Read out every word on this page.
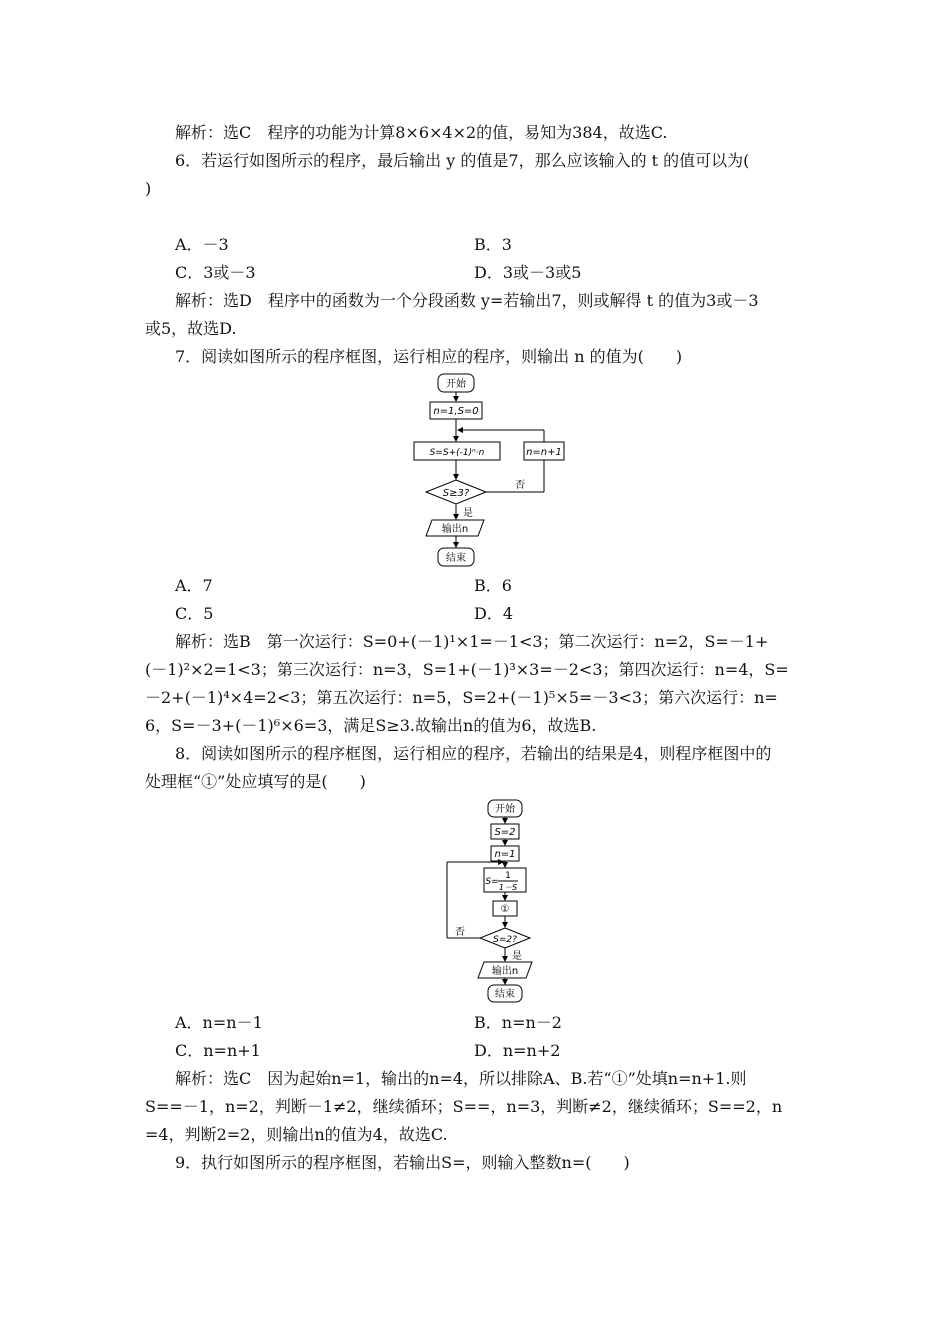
解析：选C　程序的功能为计算8×6×4×2的值，易知为384，故选C.
6．若运行如图所示的程序，最后输出 y 的值是7，那么应该输入的 t 的值可以为(
)
A．－3	B．3
C．3或－3	D．3或－3或5
解析：选D　程序中的函数为一个分段函数 y=若输出7，则或解得 t 的值为3或－3
或5，故选D.
7．阅读如图所示的程序框图，运行相应的程序，则输出 n 的值为(　　)
开始
n=1,S=0
S=S+(-1)ⁿ·n	n=n+1
S≥3?
否
是
输出n
结束
A．7	B．6
C．5	D．4
解析：选B　第一次运行：S=0+(－1)¹×1=－1<3；第二次运行：n=2，S=－1+
(－1)²×2=1<3；第三次运行：n=3，S=1+(－1)³×3=－2<3；第四次运行：n=4，S=
－2+(－1)⁴×4=2<3；第五次运行：n=5，S=2+(－1)⁵×5=－3<3；第六次运行：n=
6，S=－3+(－1)⁶×6=3，满足S≥3.故输出n的值为6，故选B.
8．阅读如图所示的程序框图，运行相应的程序，若输出的结果是4，则程序框图中的
处理框“①”处应填写的是(　　)
开始
S=2
n=1
S=
1
1－S
①
S=2?
否
是
输出n
结束
A．n=n－1	B．n=n－2
C．n=n+1	D．n=n+2
解析：选C　因为起始n=1，输出的n=4，所以排除A、B.若“①”处填n=n+1.则
S==－1，n=2，判断－1≠2，继续循环；S==，n=3，判断≠2，继续循环；S==2，n
=4，判断2=2，则输出n的值为4，故选C.
9．执行如图所示的程序框图，若输出S=，则输入整数n=(　　)
